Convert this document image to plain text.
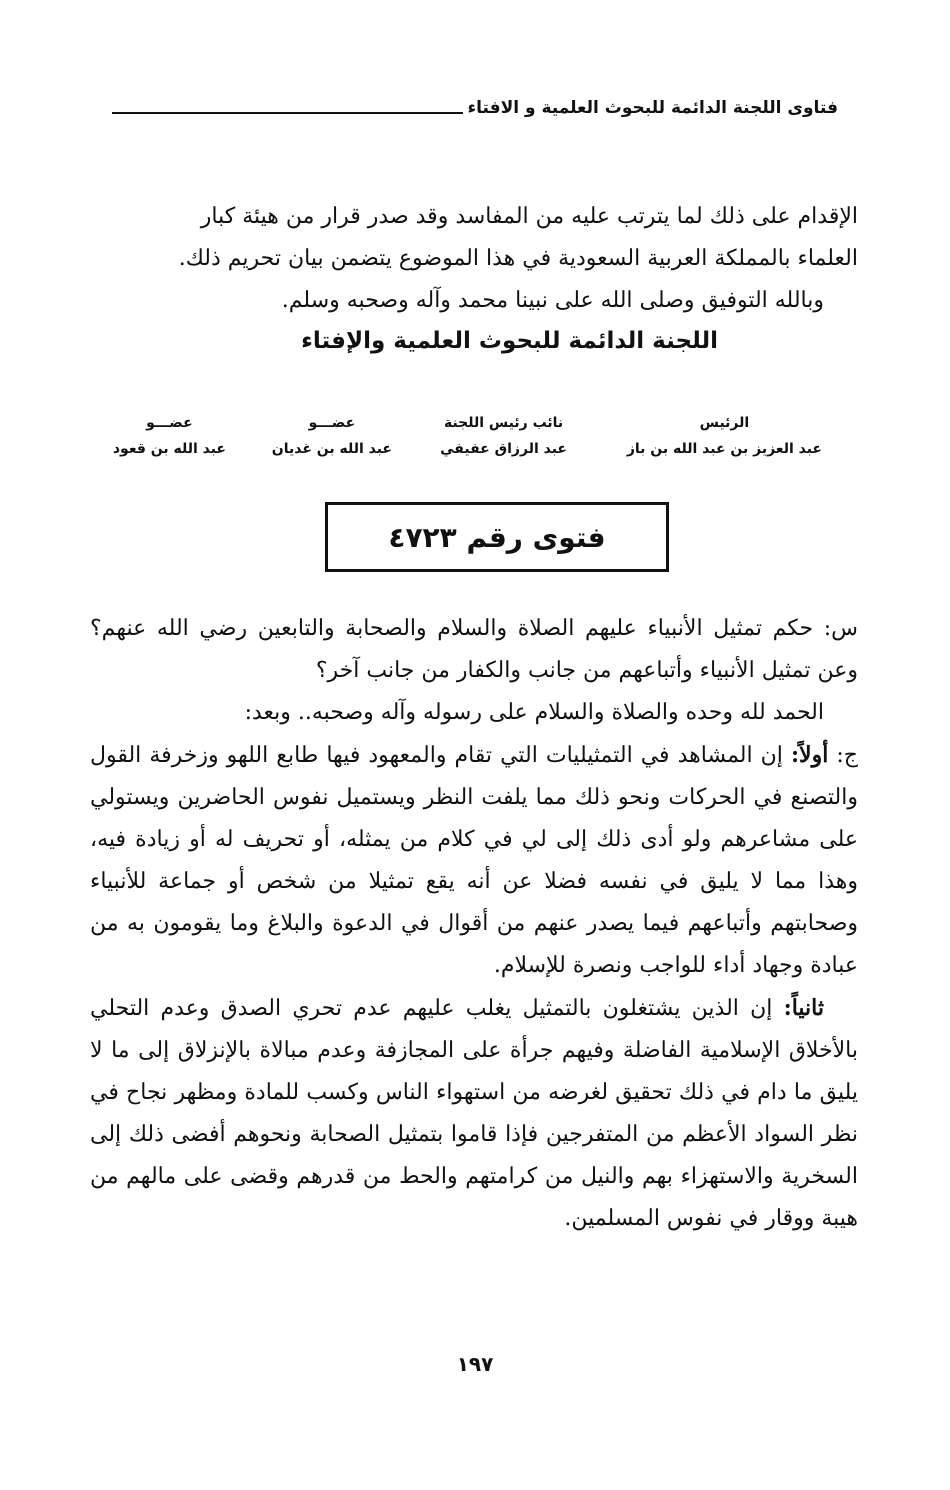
فتاوى اللجنة الدائمة للبحوث العلمية و الافتاء

الإقدام على ذلك لما يترتب عليه من المفاسد وقد صدر قرار من هيئة كبار

العلماء بالمملكة العربية السعودية في هذا الموضوع يتضمن بيان تحريم ذلك.

وبالله التوفيق وصلى الله على نبينا محمد وآله وصحبه وسلم.

اللجنة الدائمة للبحوث العلمية والإفتاء
الرئيس
عبد العزيز بن عبد الله بن باز
نائب رئيس اللجنة
عبد الرزاق عفيفي
عضـــو
عبد الله بن غديان
عضـــو
عبد الله بن قعود
فتوى رقم ٤٧٢٣

س: حكم تمثيل الأنبياء عليهم الصلاة والسلام والصحابة والتابعين رضي الله عنهم؟ وعن تمثيل الأنبياء وأتباعهم من جانب والكفار من جانب آخر؟

الحمد لله وحده والصلاة والسلام على رسوله وآله وصحبه.. وبعد:

ج: أولاً: إن المشاهد في التمثيليات التي تقام والمعهود فيها طابع اللهو وزخرفة القول والتصنع في الحركات ونحو ذلك مما يلفت النظر ويستميل نفوس الحاضرين ويستولي على مشاعرهم ولو أدى ذلك إلى لي في كلام من يمثله، أو تحريف له أو زيادة فيه، وهذا مما لا يليق في نفسه فضلا عن أنه يقع تمثيلا من شخص أو جماعة للأنبياء وصحابتهم وأتباعهم فيما يصدر عنهم من أقوال في الدعوة والبلاغ وما يقومون به من عبادة وجهاد أداء للواجب ونصرة للإسلام.

ثانياً: إن الذين يشتغلون بالتمثيل يغلب عليهم عدم تحري الصدق وعدم التحلي بالأخلاق الإسلامية الفاضلة وفيهم جرأة على المجازفة وعدم مبالاة بالإنزلاق إلى ما لا يليق ما دام في ذلك تحقيق لغرضه من استهواء الناس وكسب للمادة ومظهر نجاح في نظر السواد الأعظم من المتفرجين فإذا قاموا بتمثيل الصحابة ونحوهم أفضى ذلك إلى السخرية والاستهزاء بهم والنيل من كرامتهم والحط من قدرهم وقضى على مالهم من هيبة ووقار في نفوس المسلمين.

١٩٧
